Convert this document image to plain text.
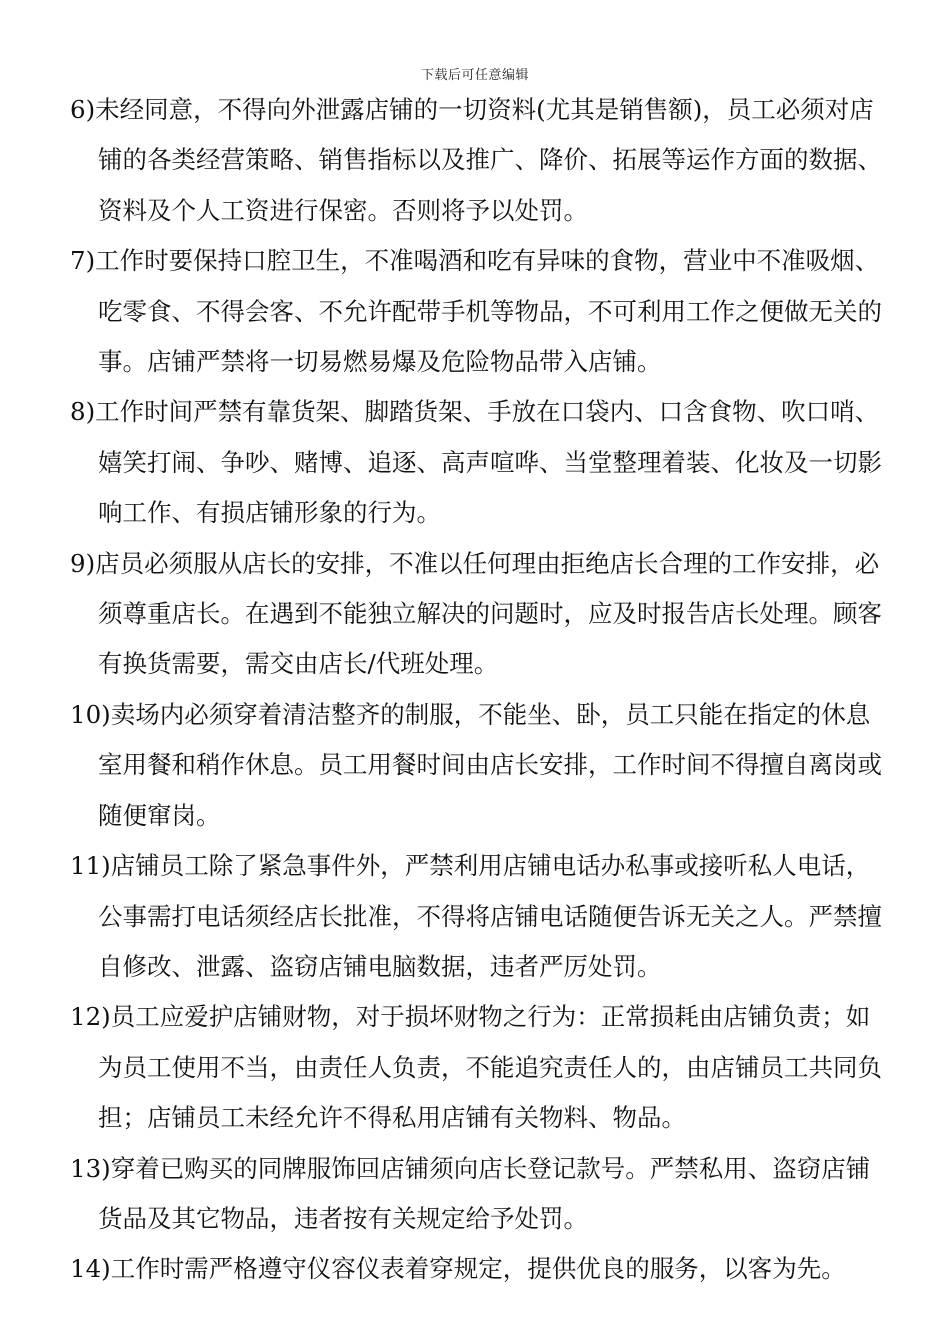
下载后可任意编辑

6)未经同意，不得向外泄露店铺的一切资料(尤其是销售额)，员工必须对店铺的各类经营策略、销售指标以及推广、降价、拓展等运作方面的数据、资料及个人工资进行保密。否则将予以处罚。

7)工作时要保持口腔卫生，不准喝酒和吃有异味的食物，营业中不准吸烟、吃零食、不得会客、不允许配带手机等物品，不可利用工作之便做无关的事。店铺严禁将一切易燃易爆及危险物品带入店铺。

8)工作时间严禁有靠货架、脚踏货架、手放在口袋内、口含食物、吹口哨、嬉笑打闹、争吵、赌博、追逐、高声喧哗、当堂整理着装、化妆及一切影响工作、有损店铺形象的行为。

9)店员必须服从店长的安排，不准以任何理由拒绝店长合理的工作安排，必须尊重店长。在遇到不能独立解决的问题时，应及时报告店长处理。顾客有换货需要，需交由店长/代班处理。

10)卖场内必须穿着清洁整齐的制服，不能坐、卧，员工只能在指定的休息室用餐和稍作休息。员工用餐时间由店长安排，工作时间不得擅自离岗或随便窜岗。

11)店铺员工除了紧急事件外，严禁利用店铺电话办私事或接听私人电话，公事需打电话须经店长批准，不得将店铺电话随便告诉无关之人。严禁擅自修改、泄露、盗窃店铺电脑数据，违者严厉处罚。

12)员工应爱护店铺财物，对于损坏财物之行为：正常损耗由店铺负责；如为员工使用不当，由责任人负责，不能追究责任人的，由店铺员工共同负担；店铺员工未经允许不得私用店铺有关物料、物品。

13)穿着已购买的同牌服饰回店铺须向店长登记款号。严禁私用、盗窃店铺货品及其它物品，违者按有关规定给予处罚。

14)工作时需严格遵守仪容仪表着穿规定，提供优良的服务，以客为先。
